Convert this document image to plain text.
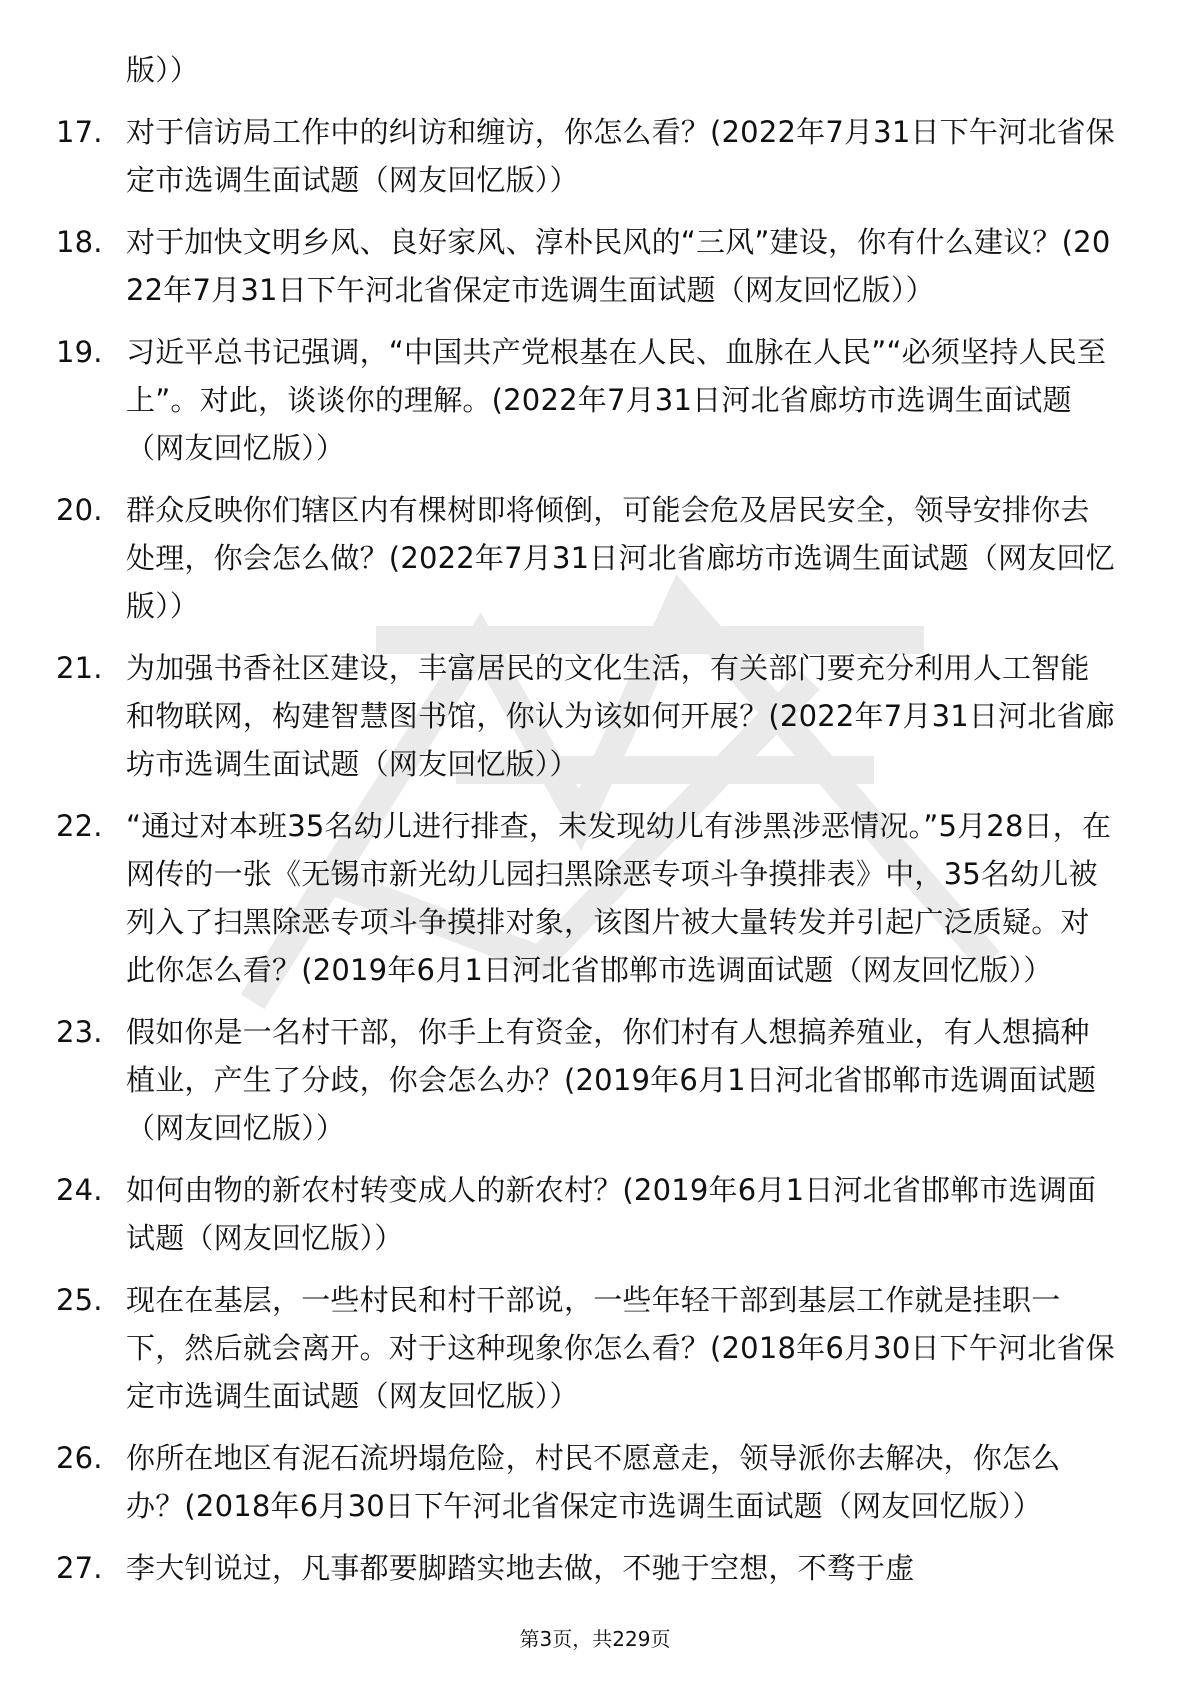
版））
17. 对于信访局工作中的纠访和缠访，你怎么看？(2022年7月31日下午河北省保定市选调生面试题（网友回忆版））
18. 对于加快文明乡风、良好家风、淳朴民风的“三风”建设，你有什么建议？(2022年7月31日下午河北省保定市选调生面试题（网友回忆版））
19. 习近平总书记强调，“中国共产党根基在人民、血脉在人民”“必须坚持人民至上”。对此，谈谈你的理解。(2022年7月31日河北省廊坊市选调生面试题（网友回忆版））
20. 群众反映你们辖区内有棵树即将倾倒，可能会危及居民安全，领导安排你去处理，你会怎么做？(2022年7月31日河北省廊坊市选调生面试题（网友回忆版））
21. 为加强书香社区建设，丰富居民的文化生活，有关部门要充分利用人工智能和物联网，构建智慧图书馆，你认为该如何开展？(2022年7月31日河北省廊坊市选调生面试题（网友回忆版））
22. “通过对本班35名幼儿进行排查，未发现幼儿有涉黑涉恶情况。”5月28日，在网传的一张《无锡市新光幼儿园扫黑除恶专项斗争摸排表》中，35名幼儿被列入了扫黑除恶专项斗争摸排对象，该图片被大量转发并引起广泛质疑。对此你怎么看？(2019年6月1日河北省邯郸市选调面试题（网友回忆版））
23. 假如你是一名村干部，你手上有资金，你们村有人想搞养殖业，有人想搞种植业，产生了分歧，你会怎么办？(2019年6月1日河北省邯郸市选调面试题（网友回忆版））
24. 如何由物的新农村转变成人的新农村？(2019年6月1日河北省邯郸市选调面试题（网友回忆版））
25. 现在在基层，一些村民和村干部说，一些年轻干部到基层工作就是挂职一下，然后就会离开。对于这种现象你怎么看？(2018年6月30日下午河北省保定市选调生面试题（网友回忆版））
26. 你所在地区有泥石流坍塌危险，村民不愿意走，领导派你去解决，你怎么办？(2018年6月30日下午河北省保定市选调生面试题（网友回忆版））
27. 李大钊说过，凡事都要脚踏实地去做，不驰于空想，不骛于虚
第3页，共229页
